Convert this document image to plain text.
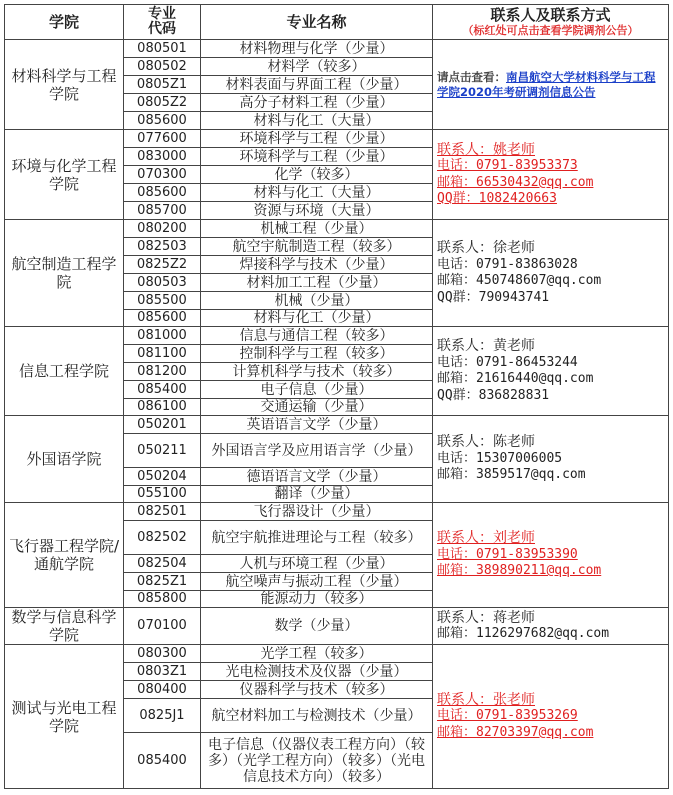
学院	专业
代码	专业名称	联系人及联系方式
（标红处可点击查看学院调剂公告）

材料科学与工程学院	080501	材料物理与化学（少量）	请点击查看：南昌航空大学材料科学与工程学院2020年考研调剂信息公告
	080502	材料学（较多）	
	0805Z1	材料表面与界面工程（少量）	
	0805Z2	高分子材料工程（少量）	
	085600	材料与化工（大量）	
环境与化学工程学院	077600	环境科学与工程（少量）	联系人：姚老师
电话：0791-83953373
邮箱：66530432@qq.com
QQ群：1082420663

	083000	环境科学与工程（少量）	
	070300	化学（较多）	
	085600	材料与化工（大量）	
	085700	资源与环境（大量）	
航空制造工程学院	080200	机械工程（少量）	联系人：徐老师
电话：0791-83863028
邮箱：450748607@qq.com
QQ群：790943741

	082503	航空宇航制造工程（较多）	
	0825Z2	焊接科学与技术（少量）	
	080503	材料加工工程（少量）	
	085500	机械（少量）	
	085600	材料与化工（少量）	
信息工程学院	081000	信息与通信工程（较多）	联系人：黄老师
电话：0791-86453244
邮箱：21616440@qq.com
QQ群：836828831

	081100	控制科学与工程（较多）	
	081200	计算机科学与技术（较多）	
	085400	电子信息（少量）	
	086100	交通运输（少量）	
外国语学院	050201	英语语言文学（少量）	联系人：陈老师
电话：15307006005
邮箱：3859517@qq.com

	050211	外国语言学及应用语言学（少量）	
	050204	德语语言文学（少量）	
	055100	翻译（少量）	
飞行器工程学院/通航学院	082501	飞行器设计（少量）	联系人：刘老师
电话：0791-83953390
邮箱：389890211@qq.com

	082502	航空宇航推进理论与工程（较多）	
	082504	人机与环境工程（少量）	
	0825Z1	航空噪声与振动工程（少量）	
	085800	能源动力（较多）	
数学与信息科学学院	070100	数学（少量）	联系人：蒋老师
邮箱：1126297682@qq.com

测试与光电工程学院	080300	光学工程（较多）	联系人：张老师
电话：0791-83953269
邮箱：82703397@qq.com

	0803Z1	光电检测技术及仪器（少量）	
	080400	仪器科学与技术（较多）	
	0825J1	航空材料加工与检测技术（少量）	
	085400	电子信息（仪器仪表工程方向）（较多）（光学工程方向）（较多）（光电信息技术方向）（较多）	
